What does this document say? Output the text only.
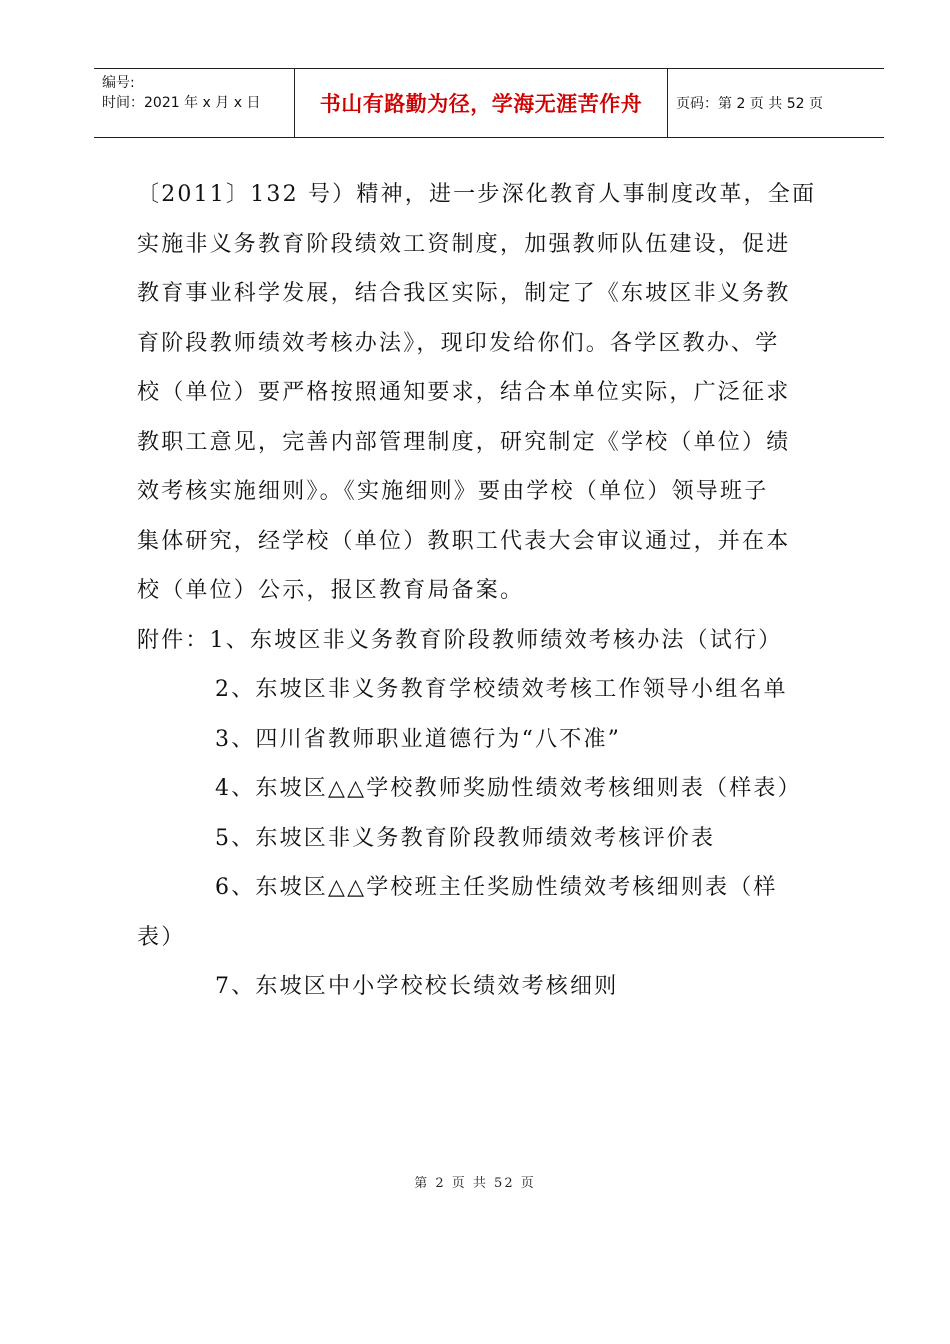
编号:
时间：2021 年 x 月 x 日	书山有路勤为径，学海无涯苦作舟	页码：第 2 页 共 52 页
〔2011〕132 号）精神，进一步深化教育人事制度改革，全面
实施非义务教育阶段绩效工资制度，加强教师队伍建设，促进
教育事业科学发展，结合我区实际，制定了《东坡区非义务教
育阶段教师绩效考核办法》，现印发给你们。各学区教办、学
校（单位）要严格按照通知要求，结合本单位实际，广泛征求
教职工意见，完善内部管理制度，研究制定《学校（单位）绩
效考核实施细则》。《实施细则》要由学校（单位）领导班子
集体研究，经学校（单位）教职工代表大会审议通过，并在本
校（单位）公示，报区教育局备案。
附件：1、东坡区非义务教育阶段教师绩效考核办法（试行）
2、东坡区非义务教育学校绩效考核工作领导小组名单
3、四川省教师职业道德行为“八不准”
4、东坡区△△学校教师奖励性绩效考核细则表（样表）
5、东坡区非义务教育阶段教师绩效考核评价表
6、东坡区△△学校班主任奖励性绩效考核细则表（样
表）
7、东坡区中小学校校长绩效考核细则
第 2 页 共 52 页
